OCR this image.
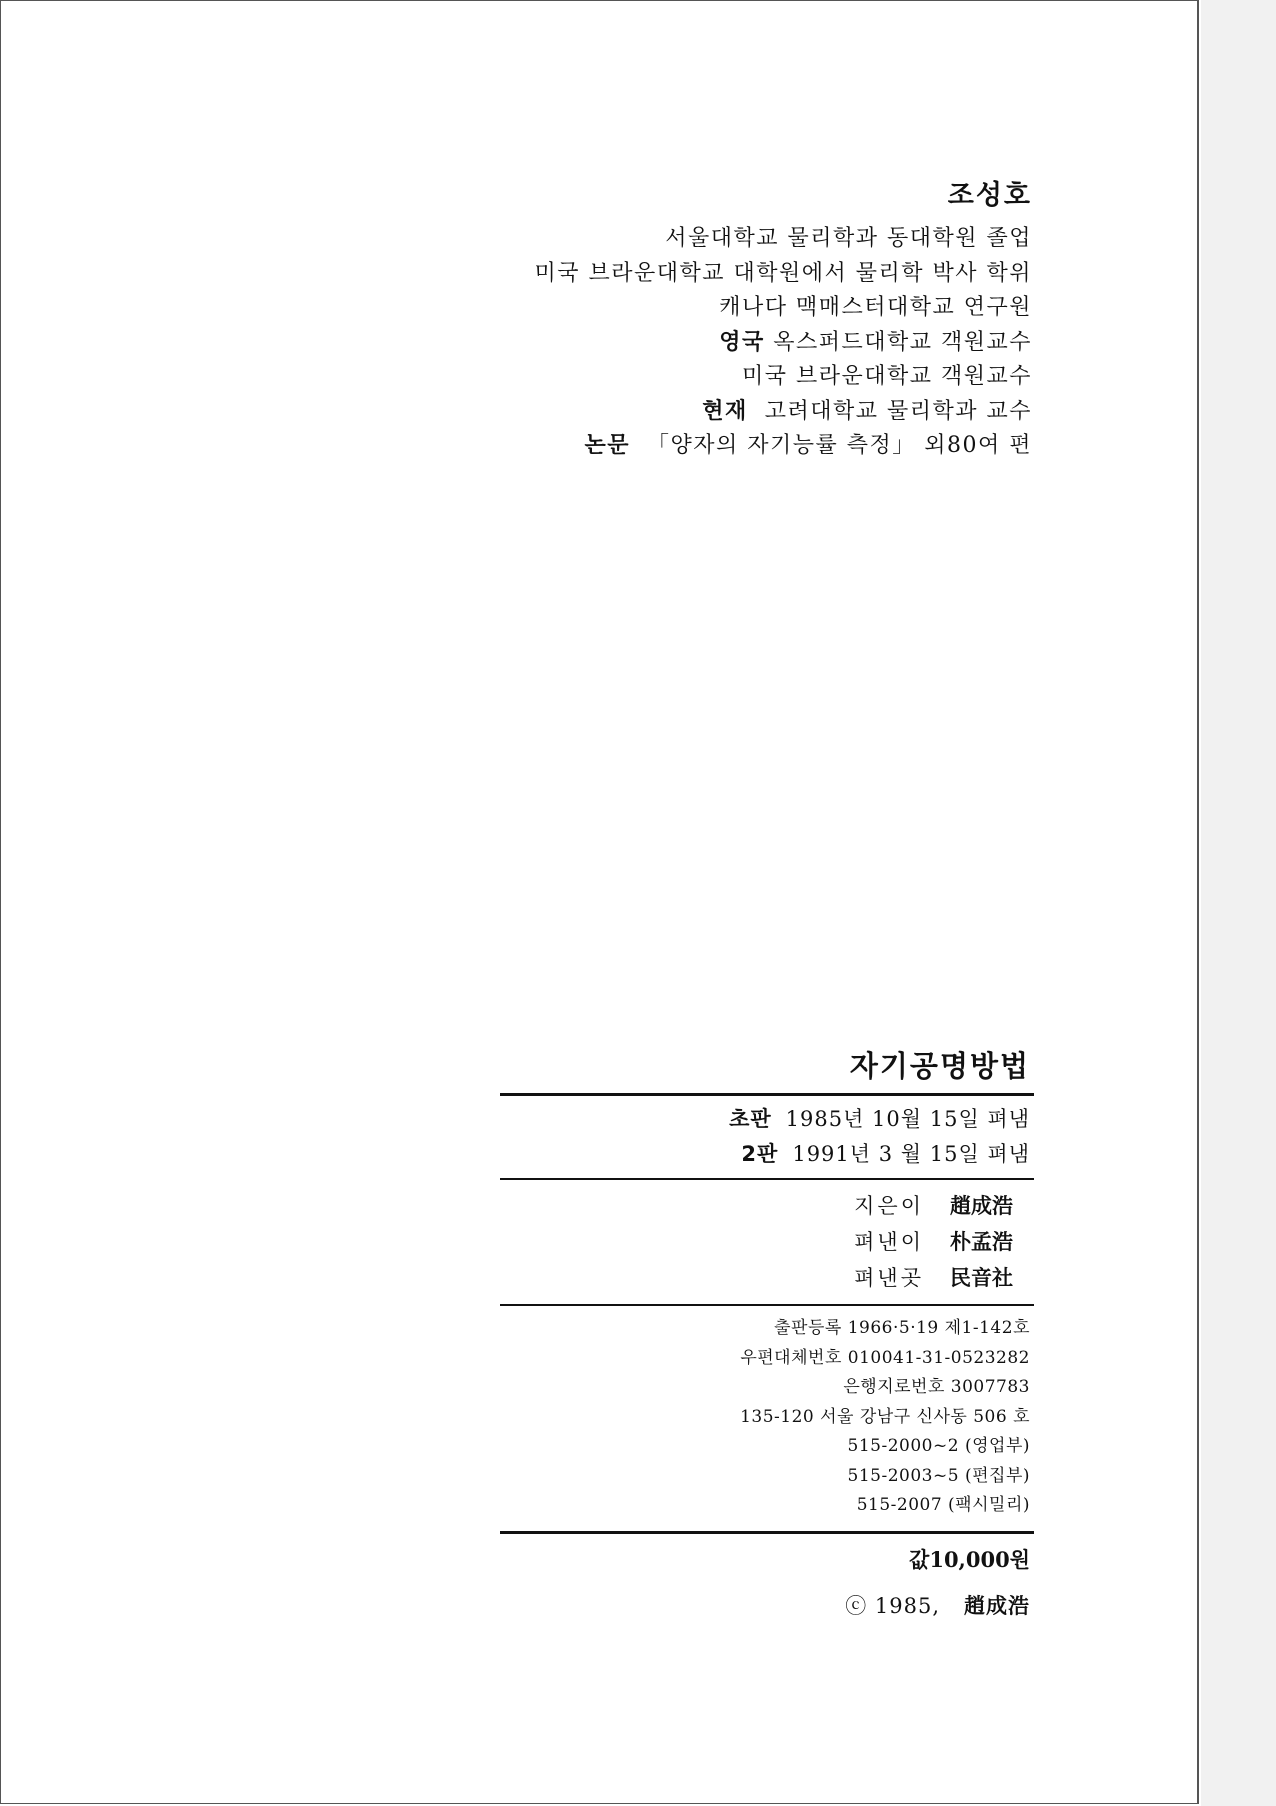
조성호
서울대학교 물리학과 동대학원 졸업
미국 브라운대학교 대학원에서 물리학 박사 학위
캐나다 맥매스터대학교 연구원
영국 옥스퍼드대학교 객원교수
미국 브라운대학교 객원교수
현재 고려대학교 물리학과 교수
논문 「양자의 자기능률 측정」 외80여 편
자기공명방법
초판 1985년 10월 15일 펴냄
2판 1991년 3 월 15일 펴냄
지은이 趙成浩
펴낸이 朴孟浩
펴낸곳 民音社
출판등록 1966·5·19 제1-142호
우편대체번호 010041-31-0523282
은행지로번호 3007783
135-120 서울 강남구 신사동 506 호
515-2000~2 (영업부)
515-2003~5 (편집부)
515-2007 (팩시밀리)
값10,000원
ⓒ 1985, 趙成浩
